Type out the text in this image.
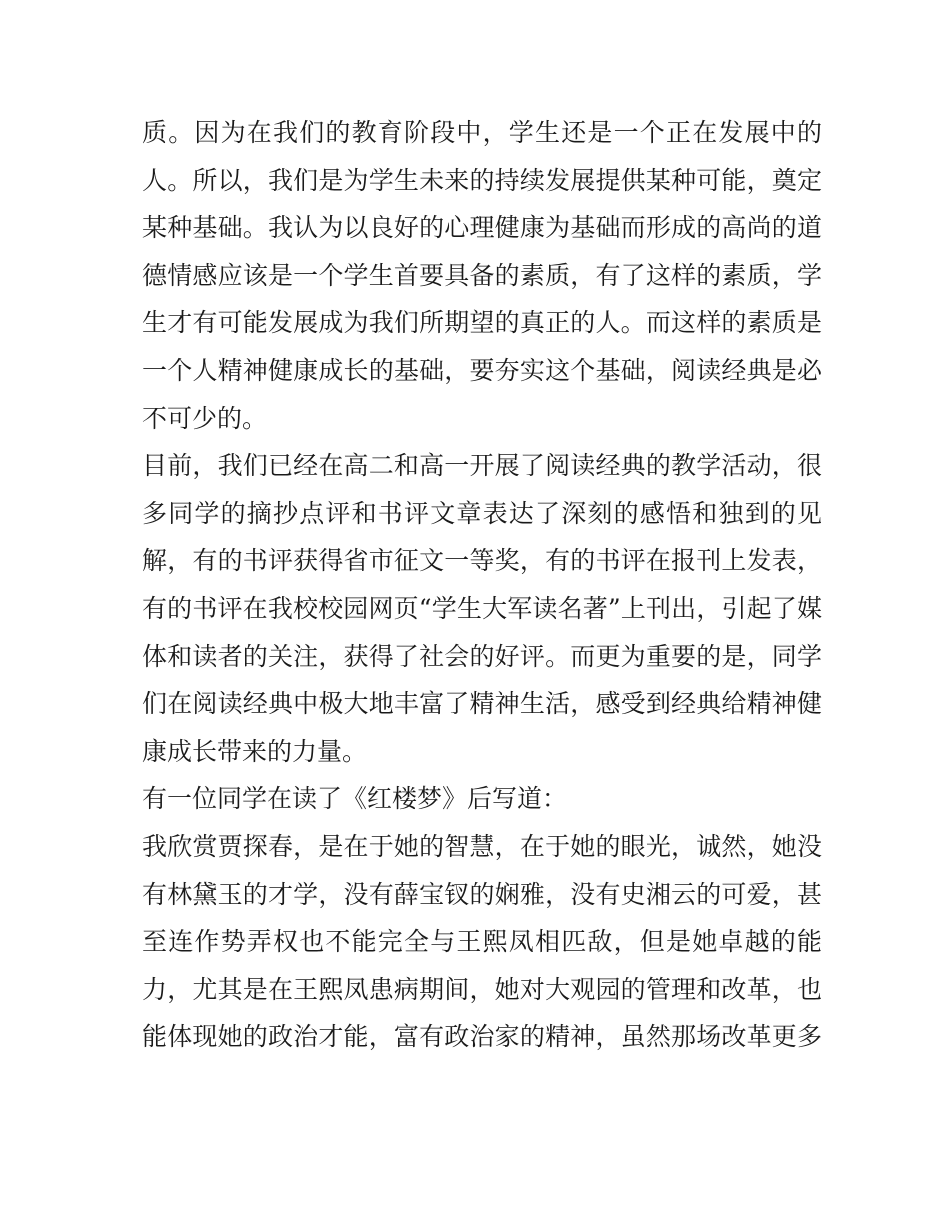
质。因为在我们的教育阶段中，学生还是一个正在发展中的
人。所以，我们是为学生未来的持续发展提供某种可能，奠定
某种基础。我认为以良好的心理健康为基础而形成的高尚的道
德情感应该是一个学生首要具备的素质，有了这样的素质，学
生才有可能发展成为我们所期望的真正的人。而这样的素质是
一个人精神健康成长的基础，要夯实这个基础，阅读经典是必
不可少的。
目前，我们已经在高二和高一开展了阅读经典的教学活动，很
多同学的摘抄点评和书评文章表达了深刻的感悟和独到的见
解，有的书评获得省市征文一等奖，有的书评在报刊上发表，
有的书评在我校校园网页“学生大军读名著”上刊出，引起了媒
体和读者的关注，获得了社会的好评。而更为重要的是，同学
们在阅读经典中极大地丰富了精神生活，感受到经典给精神健
康成长带来的力量。
有一位同学在读了《红楼梦》后写道：
我欣赏贾探春，是在于她的智慧，在于她的眼光，诚然，她没
有林黛玉的才学，没有薛宝钗的娴雅，没有史湘云的可爱，甚
至连作势弄权也不能完全与王熙凤相匹敌，但是她卓越的能
力，尤其是在王熙凤患病期间，她对大观园的管理和改革，也
能体现她的政治才能，富有政治家的精神，虽然那场改革更多
